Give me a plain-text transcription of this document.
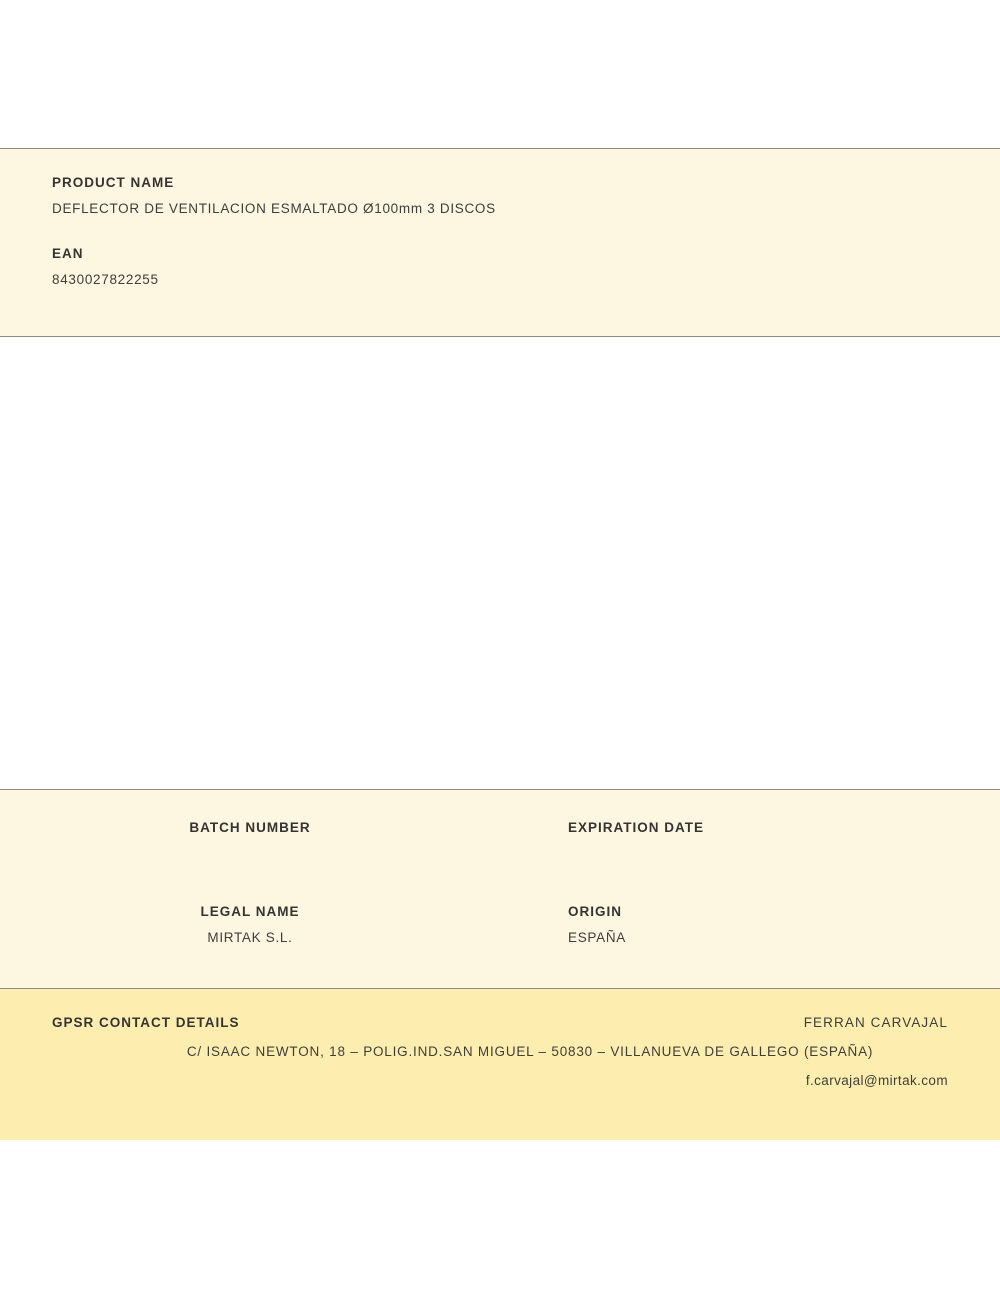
PRODUCT NAME
DEFLECTOR DE VENTILACION ESMALTADO Ø100mm 3 DISCOS
EAN
8430027822255
BATCH NUMBER	EXPIRATION DATE
LEGAL NAME
MIRTAK S.L.
ORIGIN
ESPAÑA
GPSR CONTACT DETAILS	FERRAN CARVAJAL
C/ ISAAC NEWTON, 18 – POLIG.IND.SAN MIGUEL – 50830 – VILLANUEVA DE GALLEGO (ESPAÑA)
f.carvajal@mirtak.com
